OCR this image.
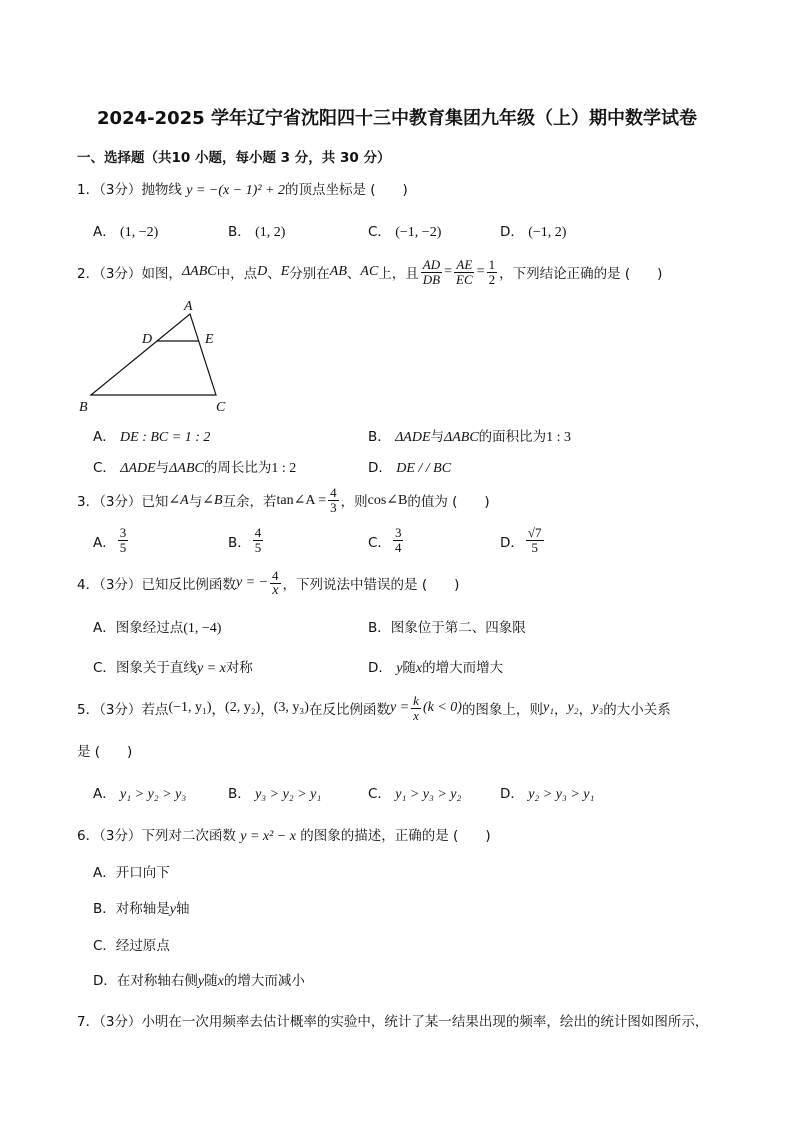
2024-2025 学年辽宁省沈阳四十三中教育集团九年级（上）期中数学试卷
一、选择题（共10 小题，每小题 3 分，共 30 分）
1．（3分）抛物线 y = −(x − 1)² + 2的顶点坐标是 (　　)
A． (1, −2)	B． (1, 2)	C． (−1, −2)	D． (−1, 2)
2．（3分） 如图， ΔABC 中，点 D 、 E 分别在 AB 、 AC 上，且 $\frac{AD}{DB} = \frac{AE}{EC} = \frac{1}{2}$ ，下列结论正确的是 (　　)
A
D	E
B	C
A． DE : BC = 1 : 2	B． ΔADE与ΔABC的面积比为1 : 3
C． ΔADE与ΔABC的周长比为1 : 2	D． DE / / BC
3．（3分） 已知 ∠A 与 ∠B 互余，若 tan∠A = $\frac{4}{3}$ ，则 cos∠B 的值为 (　　)
A． $\frac{3}{5}$	B． $\frac{4}{5}$	C． $\frac{3}{4}$	D． $\frac{√7}{5}$
4．（3分） 已知反比例函数 y = − $\frac{4}{x}$ ，下列说法中错误的是 (　　)
A．图象经过点(1, −4)	B．图象位于第二、四象限
C．图象关于直线y = x对称	D． y随x的增大而增大
5．（3分） 若点 (−1, y₁) ， (2, y₂) ， (3, y₃) 在反比例函数 $y = \frac{k}{x} (k < 0)$ 的图象上，则 y₁ ， y₂ ， y₃ 的大小关系
是 (　　)
A． y₁ > y₂ > y₃	B． y₃ > y₂ > y₁	C． y₁ > y₃ > y₂	D． y₂ > y₃ > y₁
6．（3分）下列对二次函数 y = x² − x 的图象的描述，正确的是 (　　)
A．开口向下
B．对称轴是y轴
C．经过原点
D．在对称轴右侧y随x的增大而减小
7．（3分）小明在一次用频率去估计概率的实验中，统计了某一结果出现的频率，绘出的统计图如图所示，
